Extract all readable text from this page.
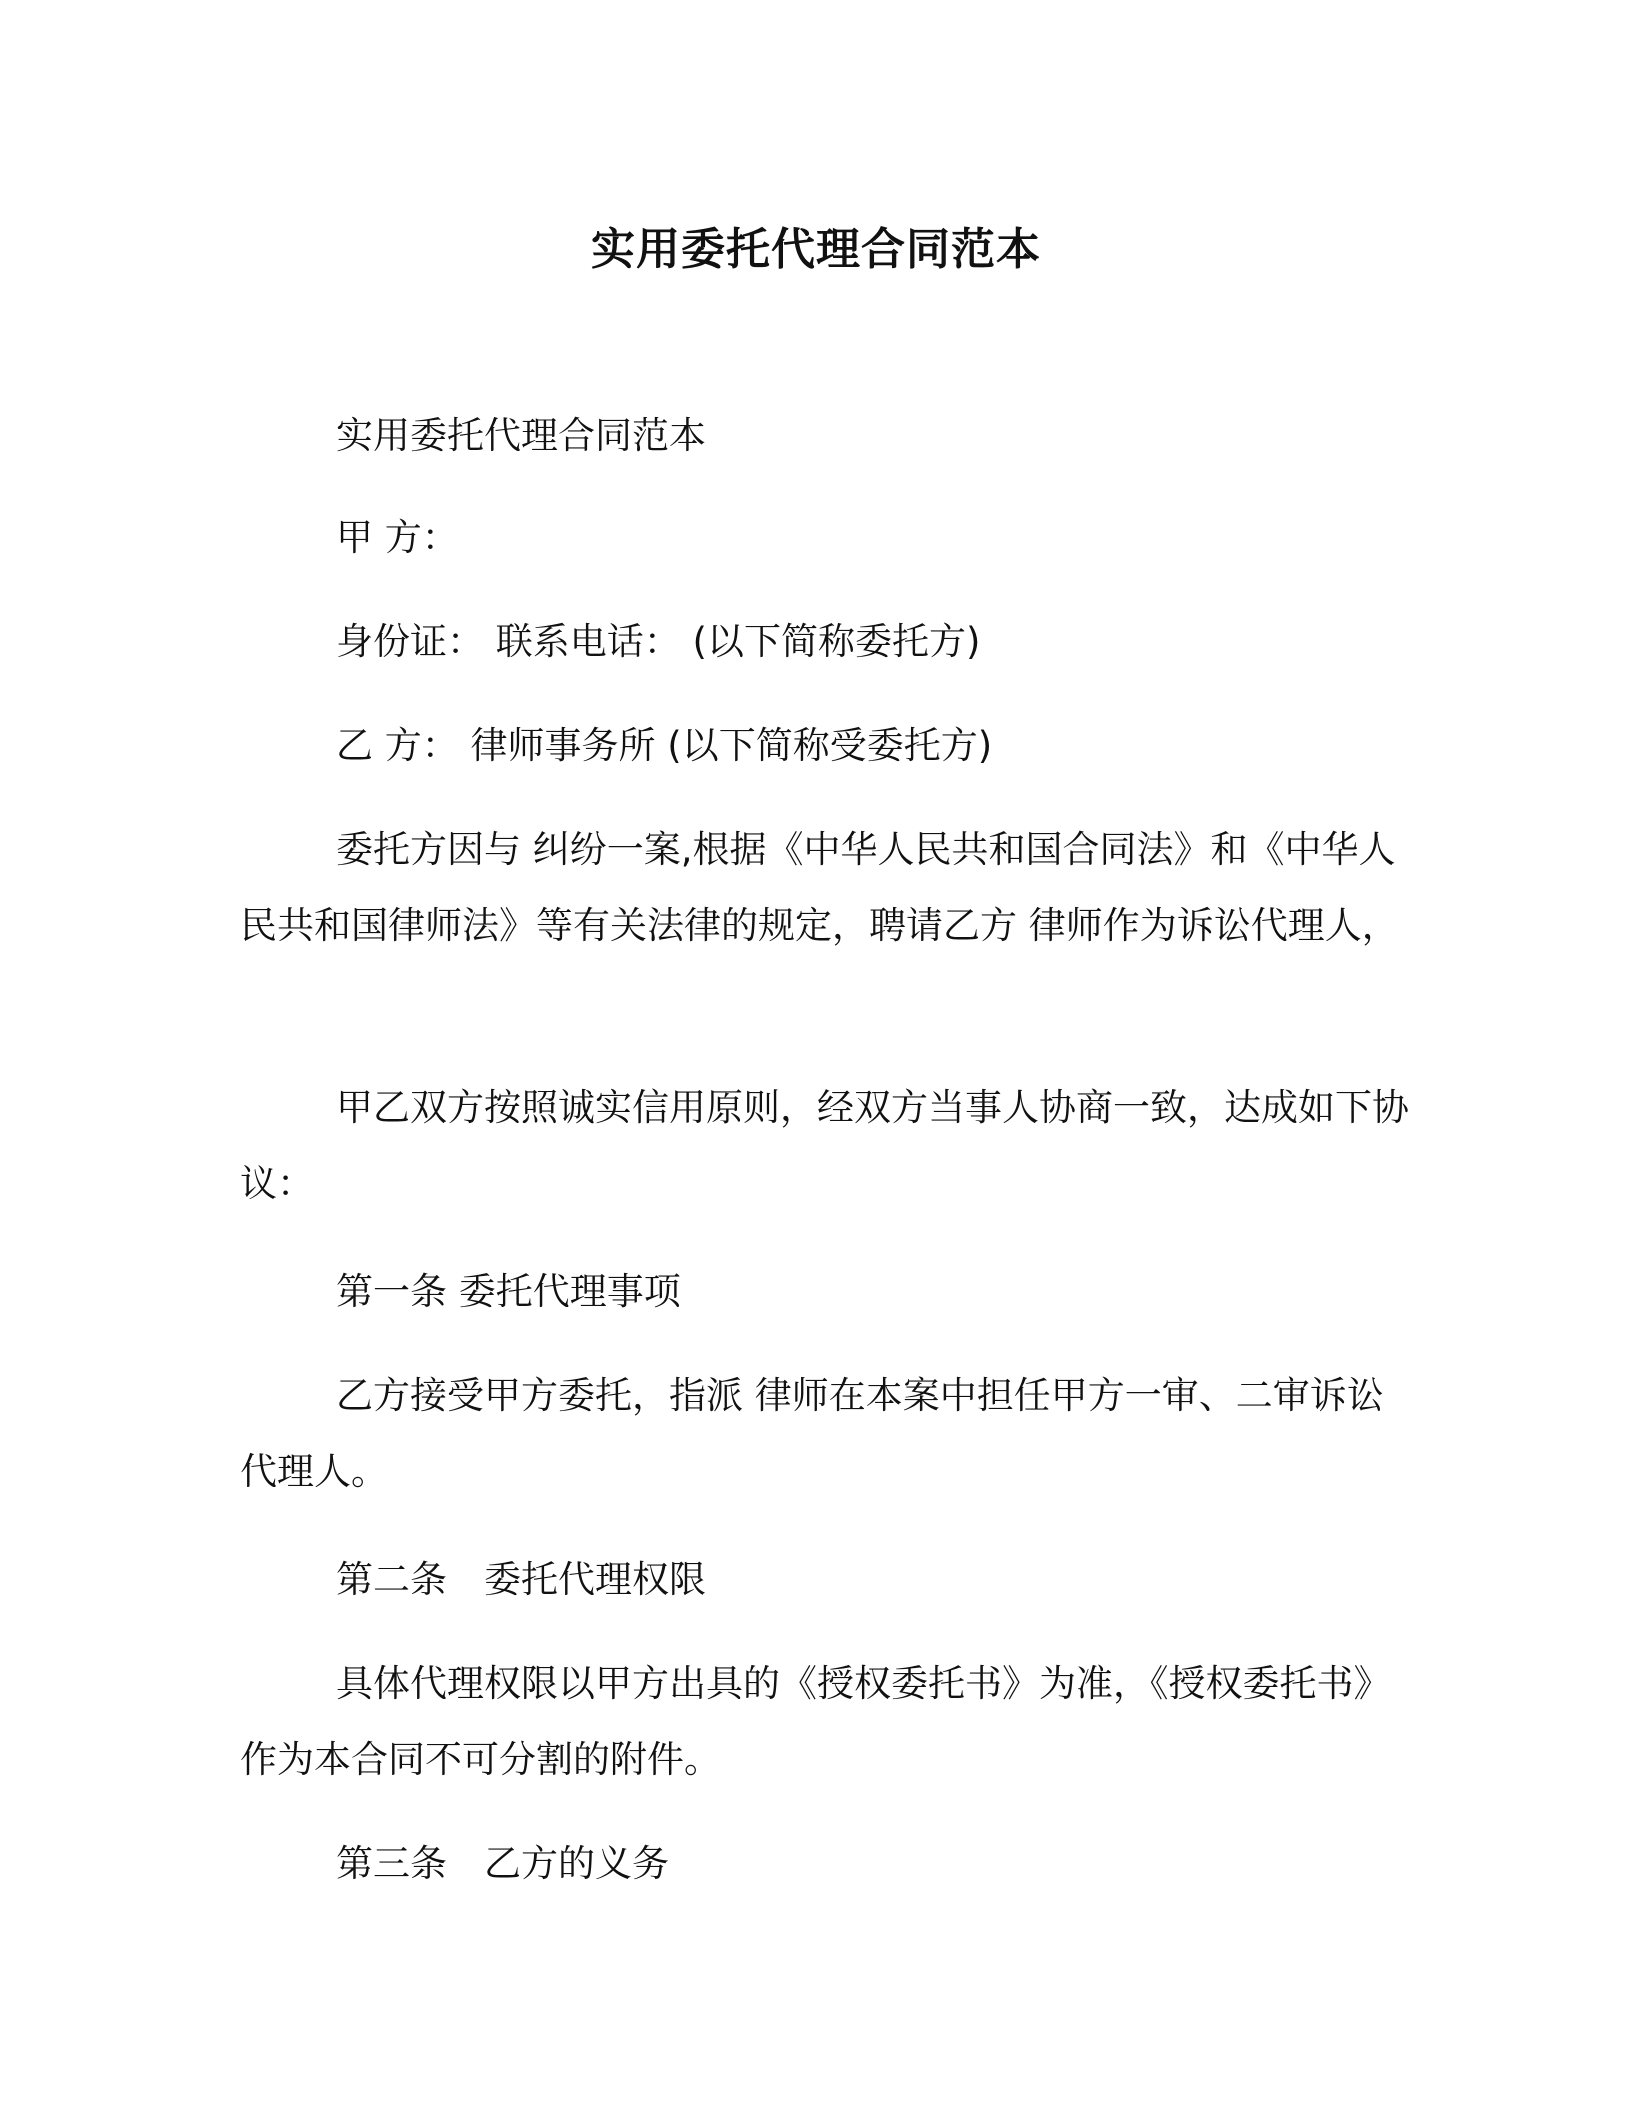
实用委托代理合同范本

实用委托代理合同范本

甲 方：

身份证： 联系电话： (以下简称委托方)

乙 方： 律师事务所 (以下简称受委托方)

委托方因与 纠纷一案,根据《中华人民共和国合同法》和《中华人民共和国律师法》等有关法律的规定，聘请乙方 律师作为诉讼代理人，

甲乙双方按照诚实信用原则，经双方当事人协商一致，达成如下协议：

第一条 委托代理事项

乙方接受甲方委托，指派 律师在本案中担任甲方一审、二审诉讼代理人。

第二条　委托代理权限

具体代理权限以甲方出具的《授权委托书》为准，《授权委托书》作为本合同不可分割的附件。

第三条　乙方的义务
